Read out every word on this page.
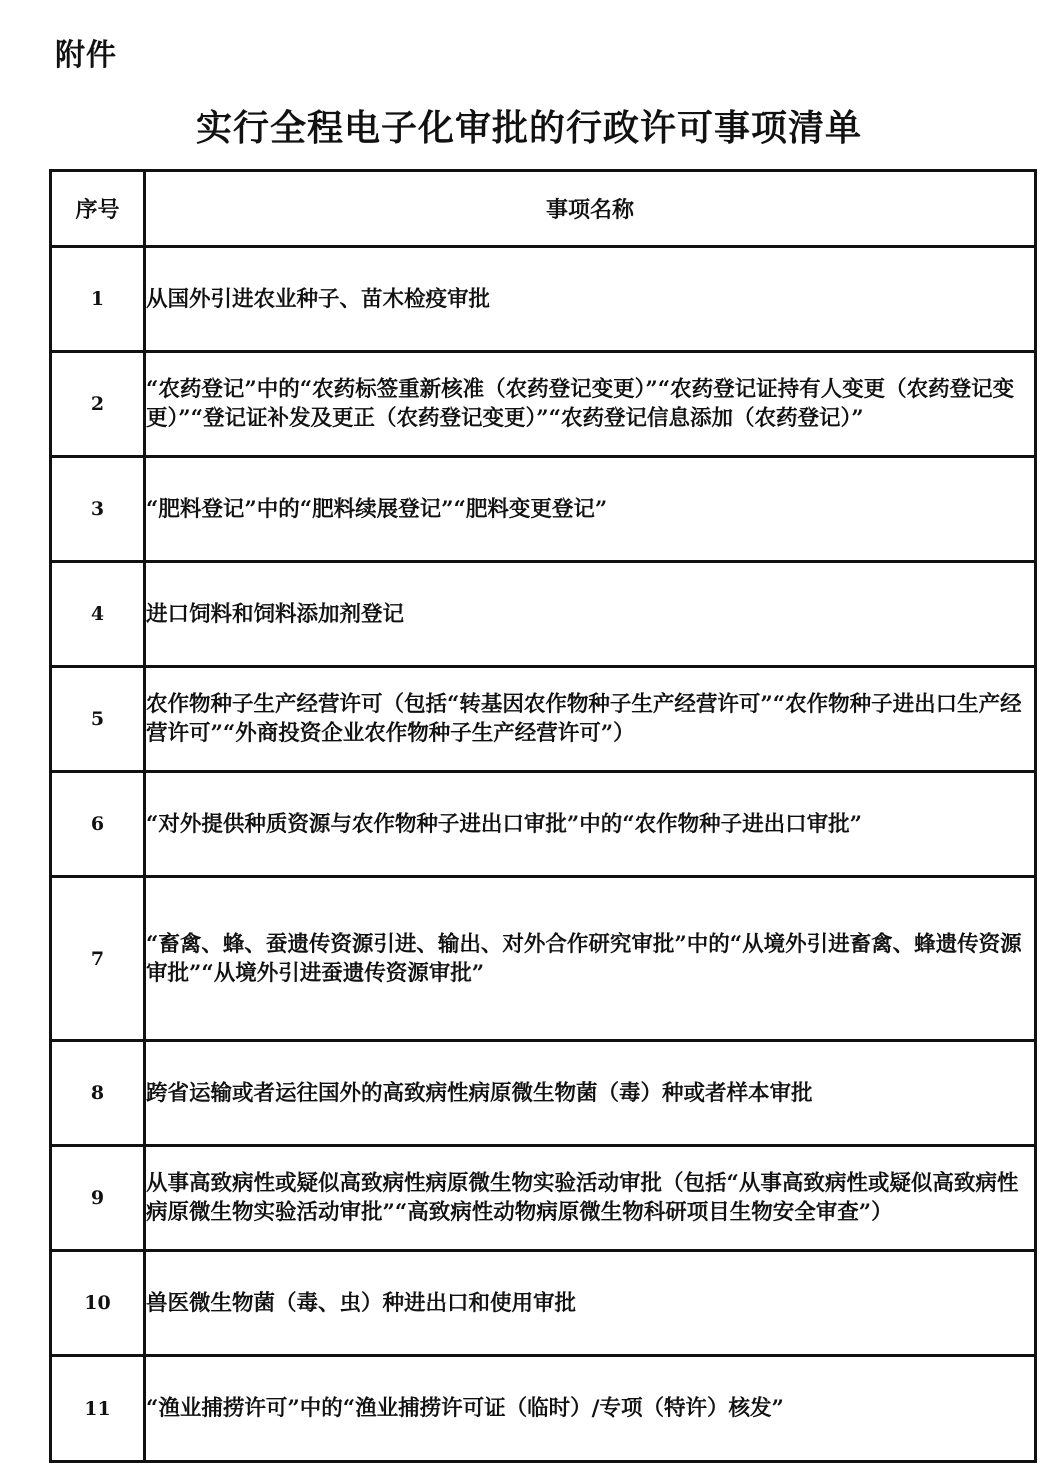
附件
实行全程电子化审批的行政许可事项清单
序号	事项名称
1	从国外引进农业种子、苗木检疫审批
2	“农药登记”中的“农药标签重新核准（农药登记变更）”“农药登记证持有人变更（农药登记变更）”“登记证补发及更正（农药登记变更）”“农药登记信息添加（农药登记）”
3	“肥料登记”中的“肥料续展登记”“肥料变更登记”
4	进口饲料和饲料添加剂登记
5	农作物种子生产经营许可（包括“转基因农作物种子生产经营许可”“农作物种子进出口生产经营许可”“外商投资企业农作物种子生产经营许可”）
6	“对外提供种质资源与农作物种子进出口审批”中的“农作物种子进出口审批”
7	“畜禽、蜂、蚕遗传资源引进、输出、对外合作研究审批”中的“从境外引进畜禽、蜂遗传资源审批”“从境外引进蚕遗传资源审批”
8	跨省运输或者运往国外的高致病性病原微生物菌（毒）种或者样本审批
9	从事高致病性或疑似高致病性病原微生物实验活动审批（包括“从事高致病性或疑似高致病性病原微生物实验活动审批”“高致病性动物病原微生物科研项目生物安全审查”）
10	兽医微生物菌（毒、虫）种进出口和使用审批
11	“渔业捕捞许可”中的“渔业捕捞许可证（临时）/专项（特许）核发”
